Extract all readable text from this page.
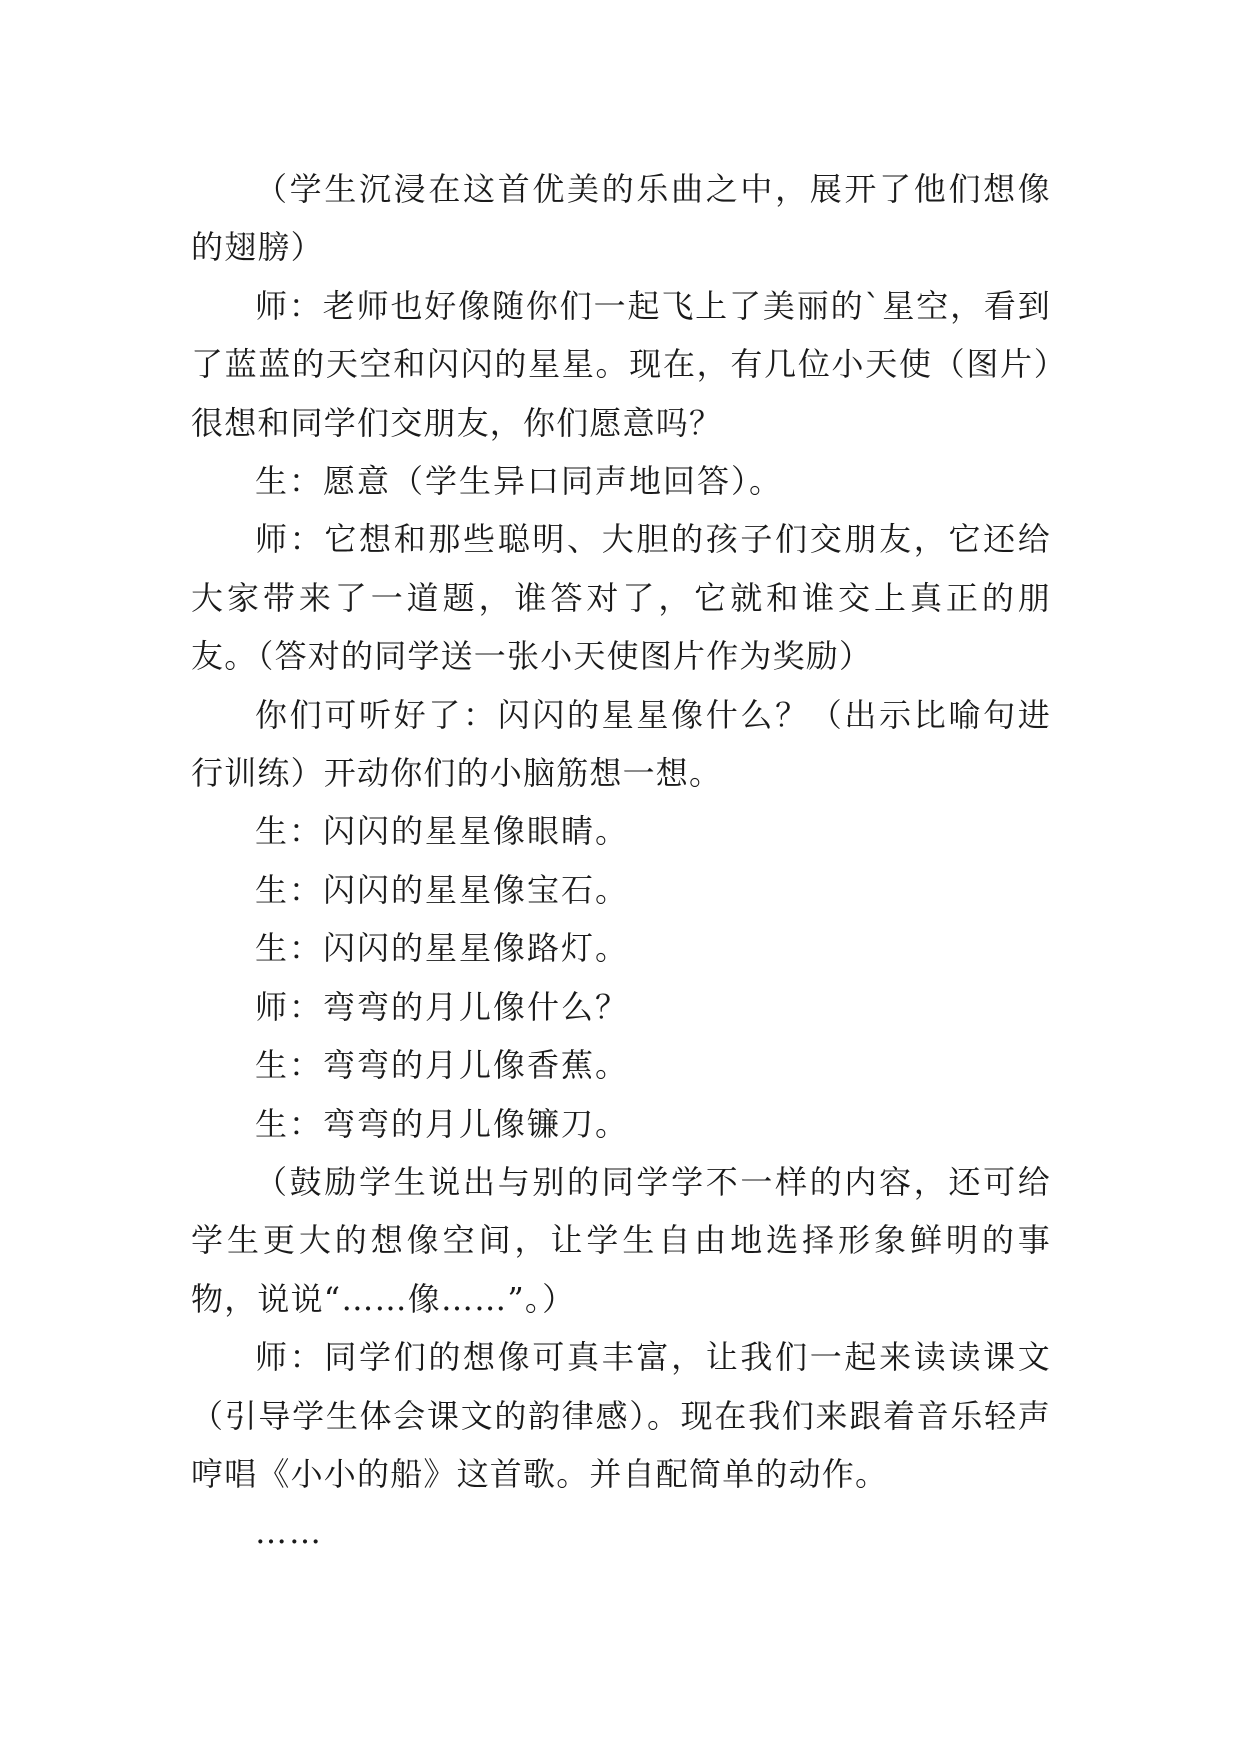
（学生沉浸在这首优美的乐曲之中，展开了他们想像的翅膀）

师：老师也好像随你们一起飞上了美丽的`星空，看到了蓝蓝的天空和闪闪的星星。现在，有几位小天使（图片）很想和同学们交朋友，你们愿意吗？

生：愿意（学生异口同声地回答）。

师：它想和那些聪明、大胆的孩子们交朋友，它还给大家带来了一道题，谁答对了，它就和谁交上真正的朋友。（答对的同学送一张小天使图片作为奖励）

你们可听好了：闪闪的星星像什么？（出示比喻句进行训练）开动你们的小脑筋想一想。

生：闪闪的星星像眼睛。

生：闪闪的星星像宝石。

生：闪闪的星星像路灯。

师：弯弯的月儿像什么？

生：弯弯的月儿像香蕉。

生：弯弯的月儿像镰刀。

（鼓励学生说出与别的同学学不一样的内容，还可给学生更大的想像空间，让学生自由地选择形象鲜明的事物，说说“……像……”。）

师：同学们的想像可真丰富，让我们一起来读读课文（引导学生体会课文的韵律感）。现在我们来跟着音乐轻声哼唱《小小的船》这首歌。并自配简单的动作。

……
